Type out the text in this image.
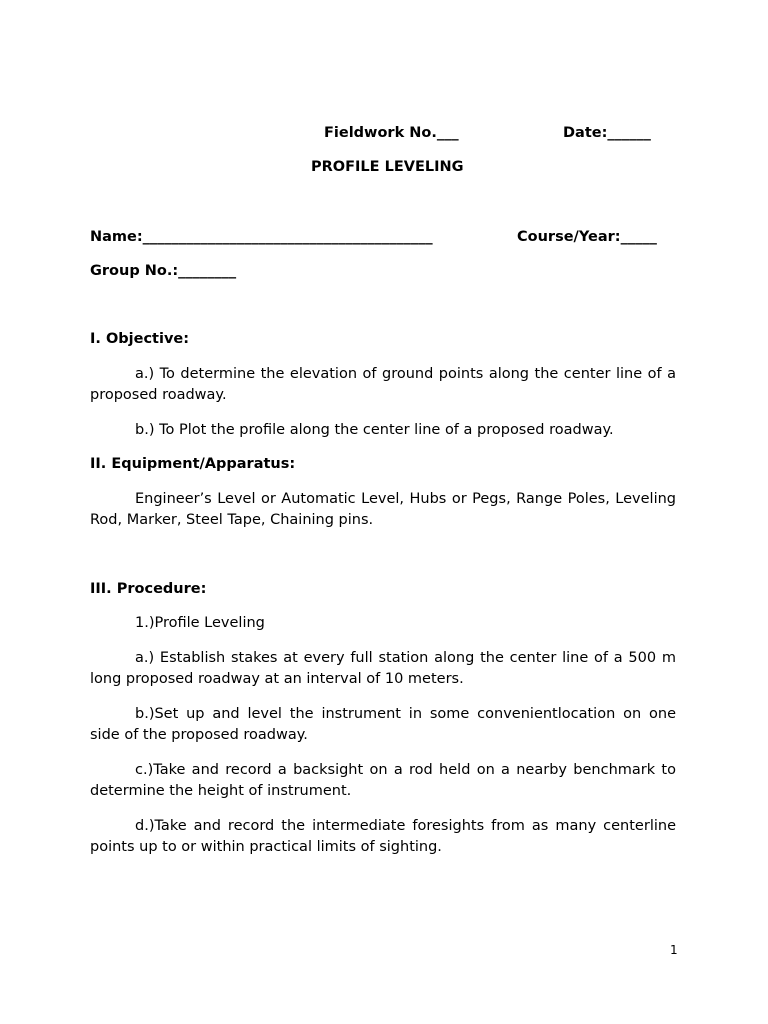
Fieldwork No.___	Date:______
PROFILE LEVELING
Name:________________________________________	Course/Year:_____
Group No.:________
I. Objective:
a.) To determine the elevation of ground points along the center line of a proposed roadway.
b.) To Plot the profile along the center line of a proposed roadway.
II. Equipment/Apparatus:
Engineer’s Level or Automatic Level, Hubs or Pegs, Range Poles, Leveling Rod, Marker, Steel Tape, Chaining pins.
III. Procedure:
1.)Profile Leveling
a.) Establish stakes at every full station along the center line of a 500 m long proposed roadway at an interval of 10 meters.
b.)Set up and level the instrument in some convenientlocation on one side of the proposed roadway.
c.)Take and record a backsight on a rod held on a nearby benchmark to determine the height of instrument.
d.)Take and record the intermediate foresights from as many centerline points up to or within practical limits of sighting.
1
